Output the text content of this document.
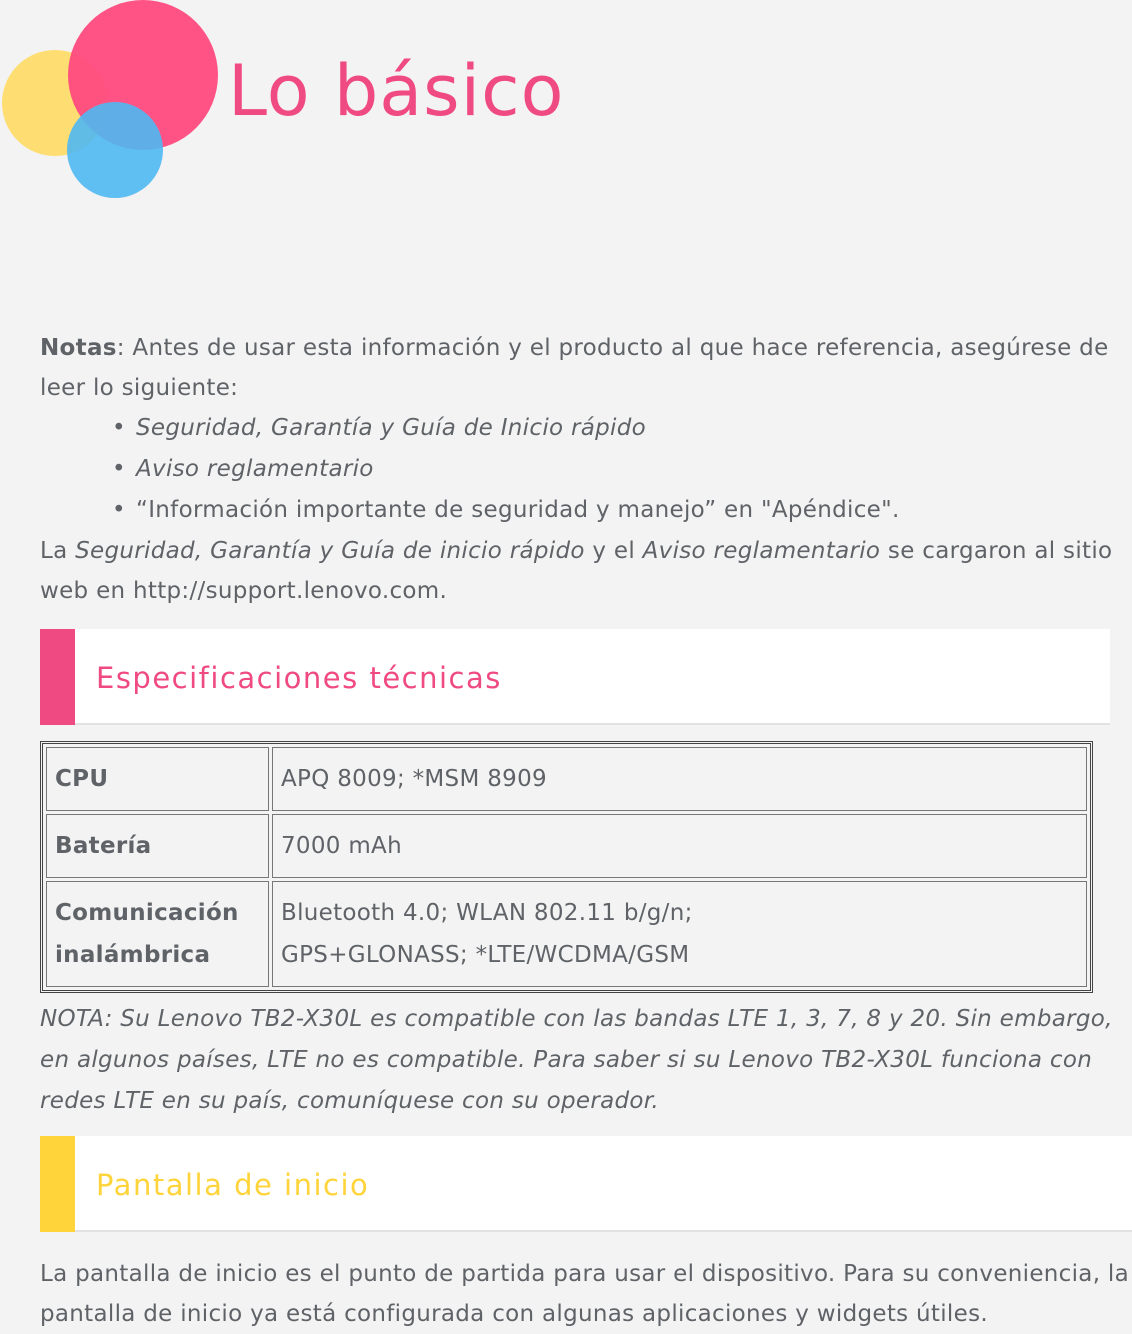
Lo básico

Notas: Antes de usar esta información y el producto al que hace referencia, asegúrese de leer lo siguiente:

• Seguridad, Garantía y Guía de Inicio rápido
• Aviso reglamentario
• “Información importante de seguridad y manejo” en "Apéndice".

La Seguridad, Garantía y Guía de inicio rápido y el Aviso reglamentario se cargaron al sitio web en http://support.lenovo.com.

Especificaciones técnicas
CPU	APQ 8009; *MSM 8909
Batería	7000 mAh
Comunicación inalámbrica	Bluetooth 4.0; WLAN 802.11 b/g/n;
GPS+GLONASS; *LTE/WCDMA/GSM

NOTA: Su Lenovo TB2-X30L es compatible con las bandas LTE 1, 3, 7, 8 y 20. Sin embargo, en algunos países, LTE no es compatible. Para saber si su Lenovo TB2-X30L funciona con redes LTE en su país, comuníquese con su operador.

Pantalla de inicio

La pantalla de inicio es el punto de partida para usar el dispositivo. Para su conveniencia, la pantalla de inicio ya está configurada con algunas aplicaciones y widgets útiles.
